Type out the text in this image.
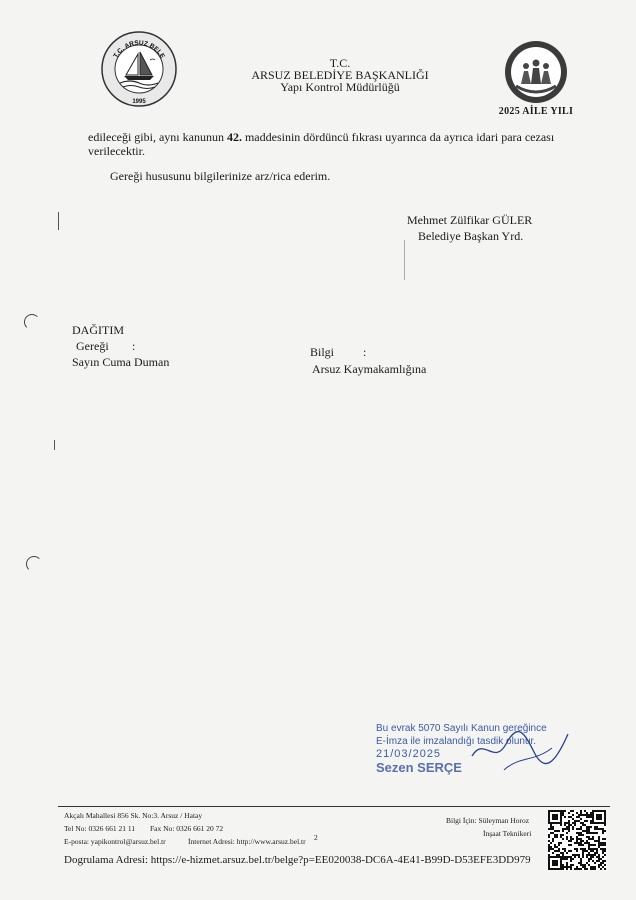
T.C. ARSUZ BELE
1995
T.C.
ARSUZ BELEDİYE BAŞKANLIĞI
Yapı Kontrol Müdürlüğü
2025 AİLE YILI
edileceği gibi, aynı kanunun 42. maddesinin dördüncü fıkrası uyarınca da ayrıca idari para cezası
verilecektir.
Gereği hususunu bilgilerinize arz/rica ederim.
Mehmet Zülfikar GÜLER
Belediye Başkan Yrd.
DAĞITIM
Gereği :
Sayın Cuma Duman
Bilgi :
Arsuz Kaymakamlığına
Bu evrak 5070 Sayılı Kanun gereğince
E-İmza ile imzalandığı tasdik olunur.
21/03/2025
Sezen SERÇE
Akçalı Mahallesi 856 Sk. No:3. Arsuz / Hatay
Tel No: 0326 661 21 11 Fax No: 0326 661 20 72
E-posta: yapikontrol@arsuz.bel.tr	İnternet Adresi: http://www.arsuz.bel.tr 2
Bilgi İçin: Süleyman Horoz
İnşaat Teknikeri
Dogrulama Adresi: https://e-hizmet.arsuz.bel.tr/belge?p=EE020038-DC6A-4E41-B99D-D53EFE3DD979
